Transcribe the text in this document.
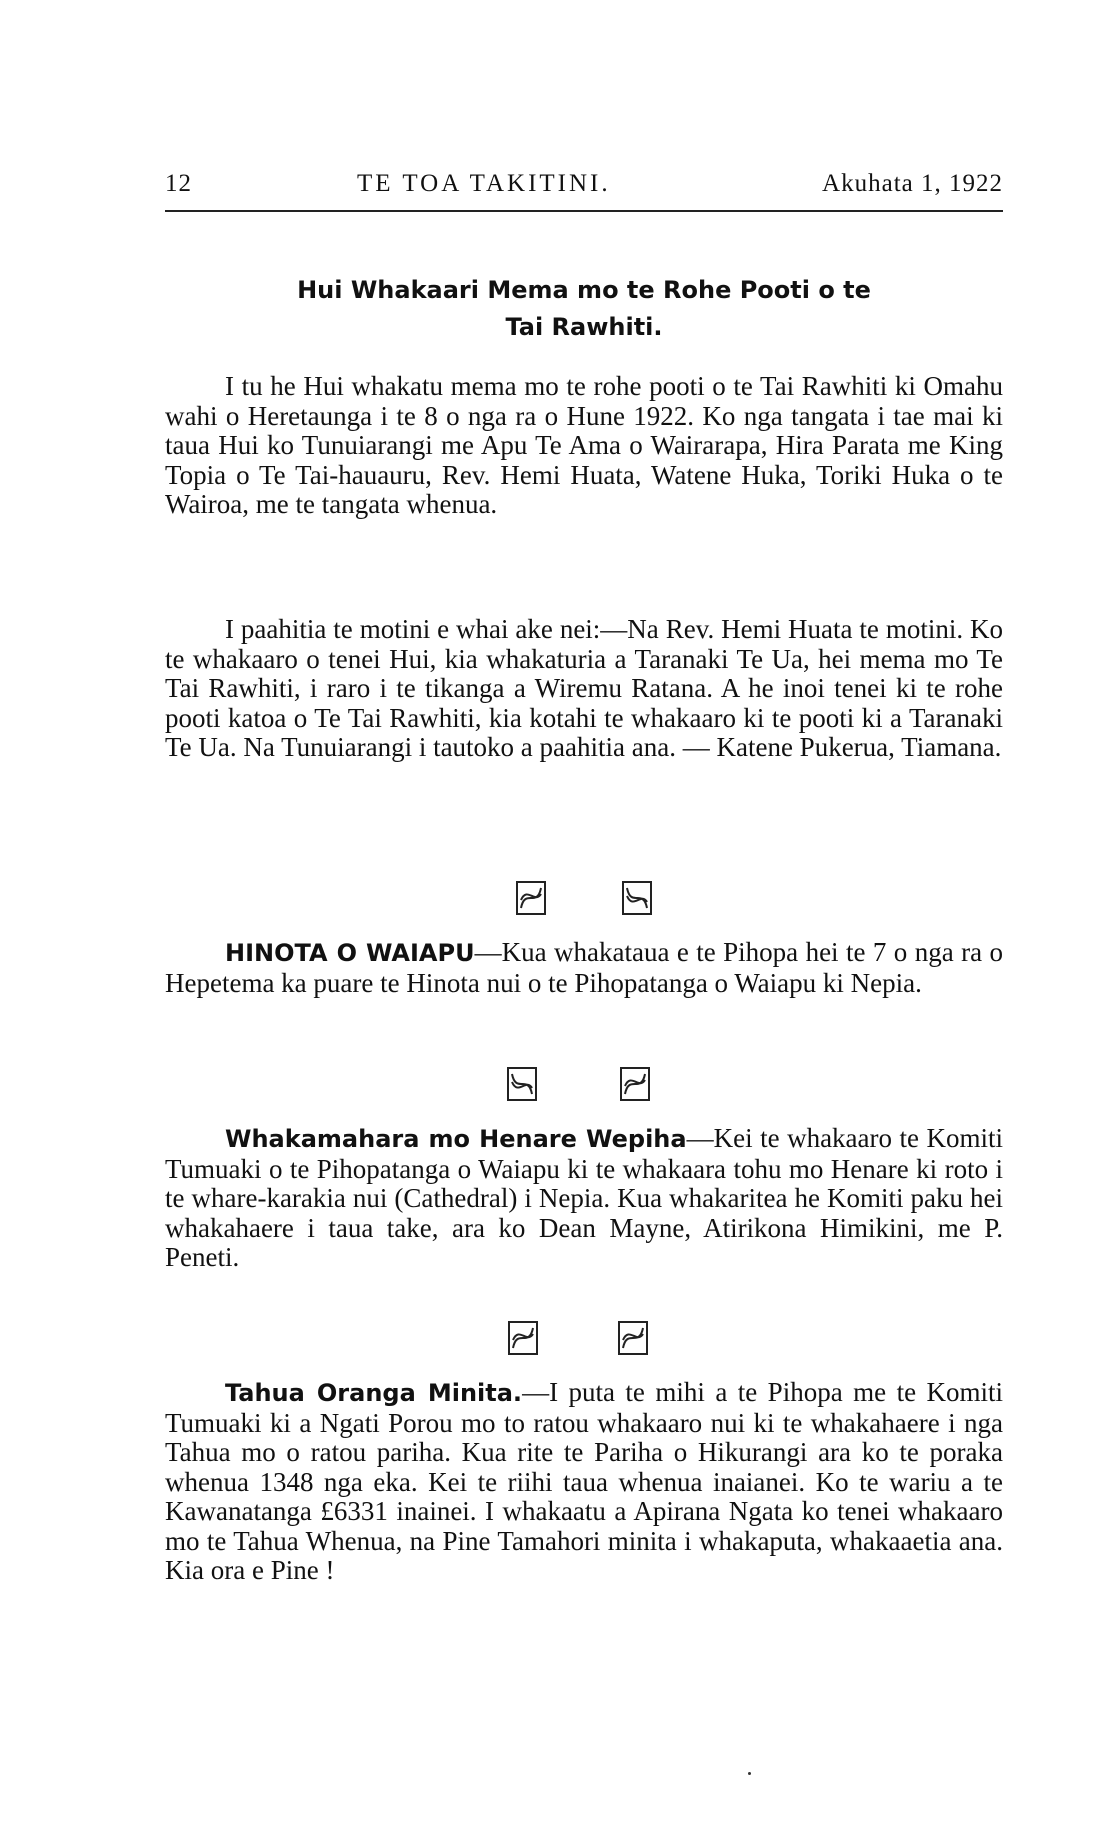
12	TE TOA TAKITINI.	Akuhata 1, 1922
Hui Whakaari Mema mo te Rohe Pooti o te
Tai Rawhiti.

I tu he Hui whakatu mema mo te rohe pooti o te Tai Rawhiti ki Omahu wahi o Heretaunga i te 8 o nga ra o Hune 1922. Ko nga tangata i tae mai ki taua Hui ko Tunuiarangi me Apu Te Ama o Wairarapa, Hira Parata me King Topia o Te Tai-hauauru, Rev. Hemi Huata, Watene Huka, Toriki Huka o te Wairoa, me te tangata whenua.

I paahitia te motini e whai ake nei:—Na Rev. Hemi Huata te motini. Ko te whakaaro o tenei Hui, kia whakaturia a Taranaki Te Ua, hei mema mo Te Tai Rawhiti, i raro i te tikanga a Wiremu Ratana. A he inoi tenei ki te rohe pooti katoa o Te Tai Rawhiti, kia kotahi te whakaaro ki te pooti ki a Taranaki Te Ua. Na Tunuiarangi i tautoko a paahitia ana. — Katene Pukerua, Tiamana.

HINOTA O WAIAPU—Kua whakataua e te Pihopa hei te 7 o nga ra o Hepetema ka puare te Hinota nui o te Pihopatanga o Waiapu ki Nepia.

Whakamahara mo Henare Wepiha—Kei te whakaaro te Komiti Tumuaki o te Pihopatanga o Waiapu ki te whakaara tohu mo Henare ki roto i te whare-karakia nui (Cathedral) i Nepia. Kua whakaritea he Komiti paku hei whakahaere i taua take, ara ko Dean Mayne, Atirikona Himikini, me P. Peneti.

Tahua Oranga Minita.—I puta te mihi a te Pihopa me te Komiti Tumuaki ki a Ngati Porou mo to ratou whakaaro nui ki te whakahaere i nga Tahua mo o ratou pariha. Kua rite te Pariha o Hikurangi ara ko te poraka whenua 1348 nga eka. Kei te riihi taua whenua inaianei. Ko te wariu a te Kawanatanga £6331 inainei. I whakaatu a Apirana Ngata ko tenei whakaaro mo te Tahua Whenua, na Pine Tamahori minita i whakaputa, whakaaetia ana. Kia ora e Pine !
